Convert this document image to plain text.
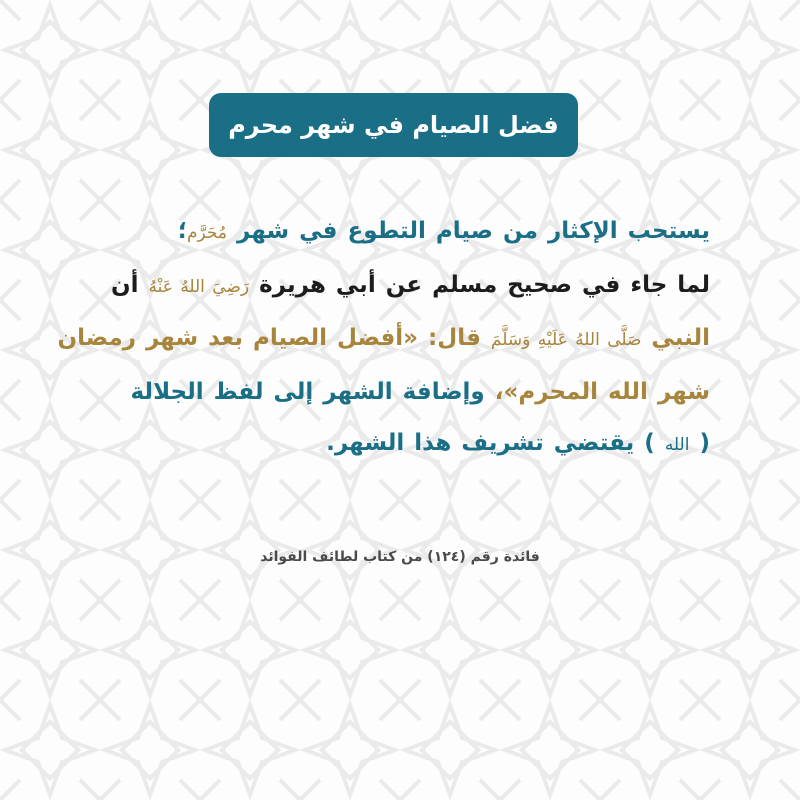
فضل الصيام في شهر محرم
يستحب الإكثار من صيام التطوع في شهر مُحَرَّم؛
لما جاء في صحيح مسلم عن أبي هريرة رَضِيَ اللهُ عَنْهُ أن
النبي صَلَّى اللهُ عَلَيْهِ وَسَلَّمَ قال: «أفضل الصيام بعد شهر رمضان
شهر الله المحرم»، وإضافة الشهر إلى لفظ الجلالة
( الله ) يقتضي تشريف هذا الشهر.
فائدة رقم (١٢٤) من كتاب لطائف الفوائد
